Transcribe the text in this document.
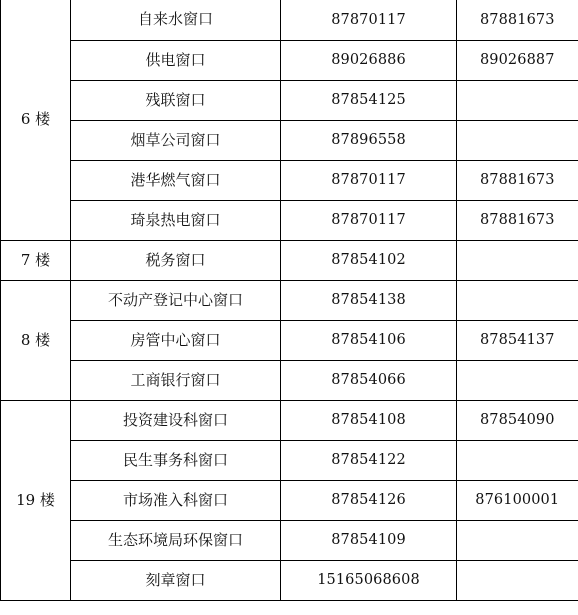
6 楼	自来水窗口	87870117	87881673
	供电窗口	89026886	89026887
	残联窗口	87854125	
	烟草公司窗口	87896558	
	港华燃气窗口	87870117	87881673
	琦泉热电窗口	87870117	87881673
7 楼	税务窗口	87854102	
8 楼	不动产登记中心窗口	87854138	
	房管中心窗口	87854106	87854137
	工商银行窗口	87854066	
19 楼	投资建设科窗口	87854108	87854090
	民生事务科窗口	87854122	
	市场准入科窗口	87854126	876100001
	生态环境局环保窗口	87854109	
	刻章窗口	15165068608	
